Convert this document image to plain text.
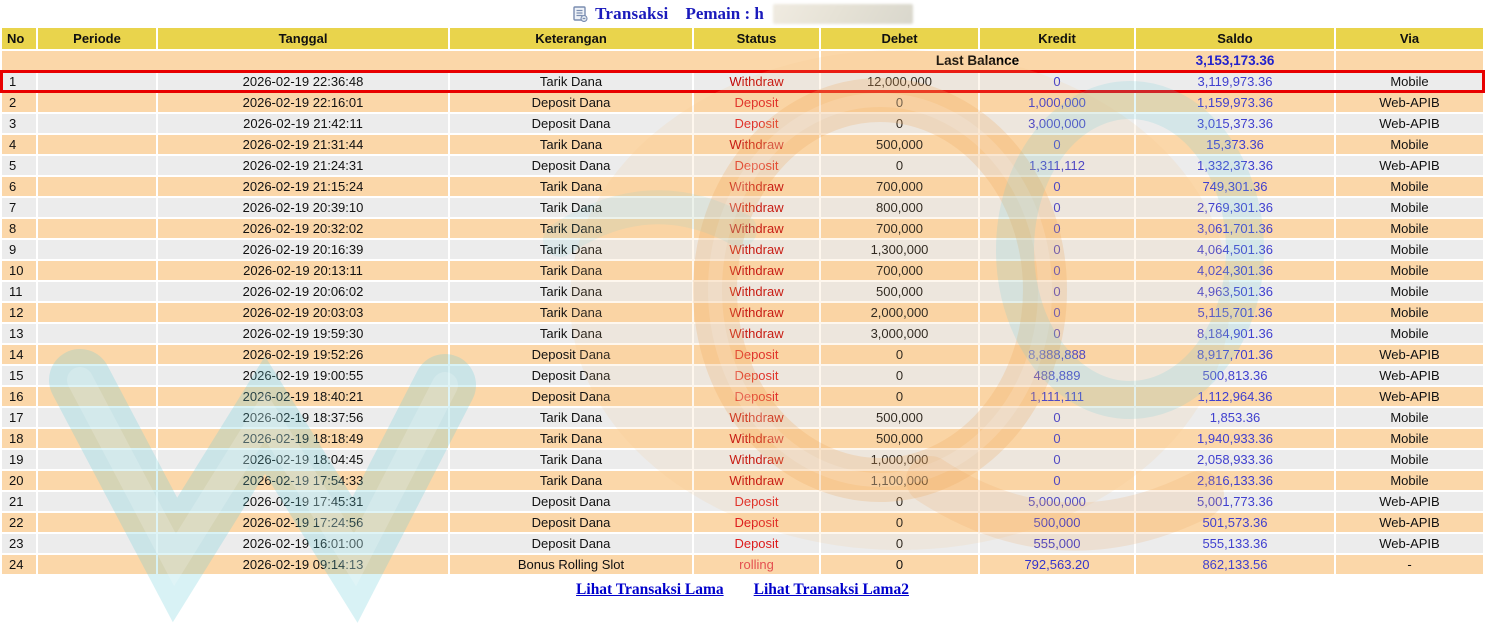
Transaksi Pemain : h
No	Periode	Tanggal	Keterangan	Status	Debet	Kredit	Saldo	Via
					Last Balance		3,153,173.36	
1		2026-02-19 22:36:48	Tarik Dana	Withdraw	12,000,000	0	3,119,973.36	Mobile
2		2026-02-19 22:16:01	Deposit Dana	Deposit	0	1,000,000	1,159,973.36	Web-APIB
3		2026-02-19 21:42:11	Deposit Dana	Deposit	0	3,000,000	3,015,373.36	Web-APIB
4		2026-02-19 21:31:44	Tarik Dana	Withdraw	500,000	0	15,373.36	Mobile
5		2026-02-19 21:24:31	Deposit Dana	Deposit	0	1,311,112	1,332,373.36	Web-APIB
6		2026-02-19 21:15:24	Tarik Dana	Withdraw	700,000	0	749,301.36	Mobile
7		2026-02-19 20:39:10	Tarik Dana	Withdraw	800,000	0	2,769,301.36	Mobile
8		2026-02-19 20:32:02	Tarik Dana	Withdraw	700,000	0	3,061,701.36	Mobile
9		2026-02-19 20:16:39	Tarik Dana	Withdraw	1,300,000	0	4,064,501.36	Mobile
10		2026-02-19 20:13:11	Tarik Dana	Withdraw	700,000	0	4,024,301.36	Mobile
11		2026-02-19 20:06:02	Tarik Dana	Withdraw	500,000	0	4,963,501.36	Mobile
12		2026-02-19 20:03:03	Tarik Dana	Withdraw	2,000,000	0	5,115,701.36	Mobile
13		2026-02-19 19:59:30	Tarik Dana	Withdraw	3,000,000	0	8,184,901.36	Mobile
14		2026-02-19 19:52:26	Deposit Dana	Deposit	0	8,888,888	8,917,701.36	Web-APIB
15		2026-02-19 19:00:55	Deposit Dana	Deposit	0	488,889	500,813.36	Web-APIB
16		2026-02-19 18:40:21	Deposit Dana	Deposit	0	1,111,111	1,112,964.36	Web-APIB
17		2026-02-19 18:37:56	Tarik Dana	Withdraw	500,000	0	1,853.36	Mobile
18		2026-02-19 18:18:49	Tarik Dana	Withdraw	500,000	0	1,940,933.36	Mobile
19		2026-02-19 18:04:45	Tarik Dana	Withdraw	1,000,000	0	2,058,933.36	Mobile
20		2026-02-19 17:54:33	Tarik Dana	Withdraw	1,100,000	0	2,816,133.36	Mobile
21		2026-02-19 17:45:31	Deposit Dana	Deposit	0	5,000,000	5,001,773.36	Web-APIB
22		2026-02-19 17:24:56	Deposit Dana	Deposit	0	500,000	501,573.36	Web-APIB
23		2026-02-19 16:01:00	Deposit Dana	Deposit	0	555,000	555,133.36	Web-APIB
24		2026-02-19 09:14:13	Bonus Rolling Slot	rolling	0	792,563.20	862,133.56	-
Lihat Transaksi Lama Lihat Transaksi Lama2
